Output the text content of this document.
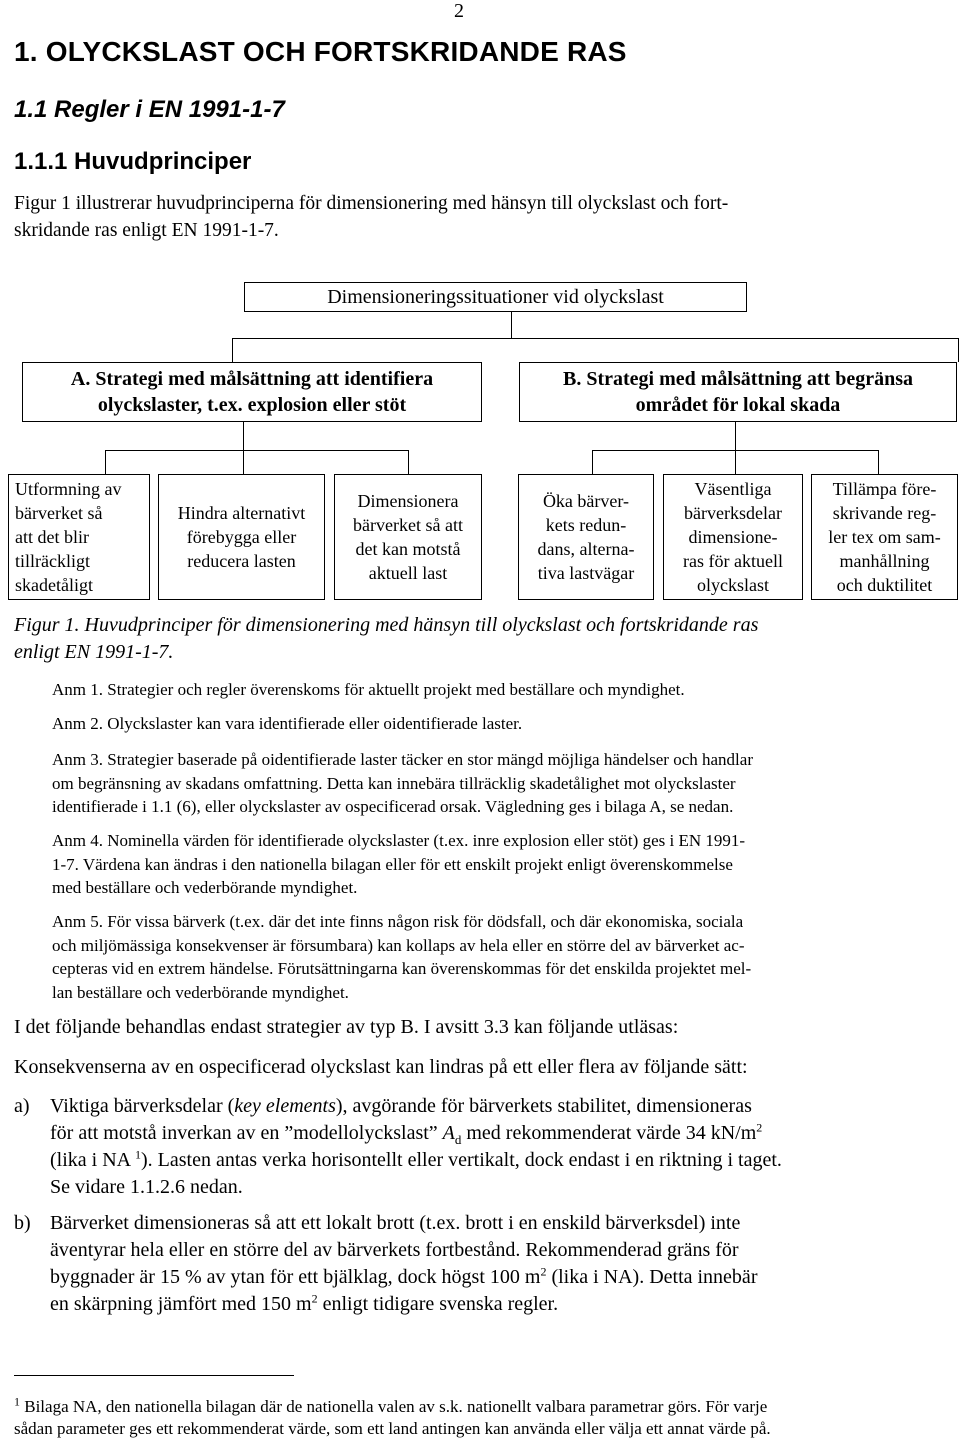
2
1. OLYCKSLAST OCH FORTSKRIDANDE RAS
1.1 Regler i EN 1991-1-7
1.1.1 Huvudprinciper
Figur 1 illustrerar huvudprinciperna för dimensionering med hänsyn till olyckslast och fort-
skridande ras enligt EN 1991-1-7.
Dimensioneringssituationer vid olyckslast
A. Strategi med målsättning att identifiera
olyckslaster, t.ex. explosion eller stöt
B. Strategi med målsättning att begränsa
området för lokal skada
Utformning av
bärverket så
att det blir
tillräckligt
skadetåligt
Hindra alternativt
förebygga eller
reducera lasten
Dimensionera
bärverket så att
det kan motstå
aktuell last
Öka bärver-
kets redun-
dans, alterna-
tiva lastvägar
Väsentliga
bärverksdelar
dimensione-
ras för aktuell
olyckslast
Tillämpa före-
skrivande reg-
ler tex om sam-
manhållning
och duktilitet
Figur 1. Huvudprinciper för dimensionering med hänsyn till olyckslast och fortskridande ras
enligt EN 1991-1-7.
Anm 1. Strategier och regler överenskoms för aktuellt projekt med beställare och myndighet.
Anm 2. Olyckslaster kan vara identifierade eller oidentifierade laster.
Anm 3. Strategier baserade på oidentifierade laster täcker en stor mängd möjliga händelser och handlar
om begränsning av skadans omfattning. Detta kan innebära tillräcklig skadetålighet mot olyckslaster
identifierade i 1.1 (6), eller olyckslaster av ospecificerad orsak. Vägledning ges i bilaga A, se nedan.
Anm 4. Nominella värden för identifierade olyckslaster (t.ex. inre explosion eller stöt) ges i EN 1991-
1-7. Värdena kan ändras i den nationella bilagan eller för ett enskilt projekt enligt överenskommelse
med beställare och vederbörande myndighet.
Anm 5. För vissa bärverk (t.ex. där det inte finns någon risk för dödsfall, och där ekonomiska, sociala
och miljömässiga konsekvenser är försumbara) kan kollaps av hela eller en större del av bärverket ac-
cepteras vid en extrem händelse. Förutsättningarna kan överenskommas för det enskilda projektet mel-
lan beställare och vederbörande myndighet.
I det följande behandlas endast strategier av typ B. I avsitt 3.3 kan följande utläsas:
Konsekvenserna av en ospecificerad olyckslast kan lindras på ett eller flera av följande sätt:
a) Viktiga bärverksdelar (key elements), avgörande för bärverkets stabilitet, dimensioneras
för att motstå inverkan av en ”modellolyckslast” $A_d$ med rekommenderat värde 34 $kN/m^2$
(lika i NA $^1$). Lasten antas verka horisontellt eller vertikalt, dock endast i en riktning i taget.
Se vidare 1.1.2.6 nedan.
b) Bärverket dimensioneras så att ett lokalt brott (t.ex. brott i en enskild bärverksdel) inte
äventyrar hela eller en större del av bärverkets fortbestånd. Rekommenderad gräns för
byggnader är 15 % av ytan för ett bjälklag, dock högst 100 $m^2$ (lika i NA). Detta innebär
en skärpning jämfört med 150 $m^2$ enligt tidigare svenska regler.
$^1$ Bilaga NA, den nationella bilagan där de nationella valen av s.k. nationellt valbara parametrar görs. För varje
sådan parameter ges ett rekommenderat värde, som ett land antingen kan använda eller välja ett annat värde på.
